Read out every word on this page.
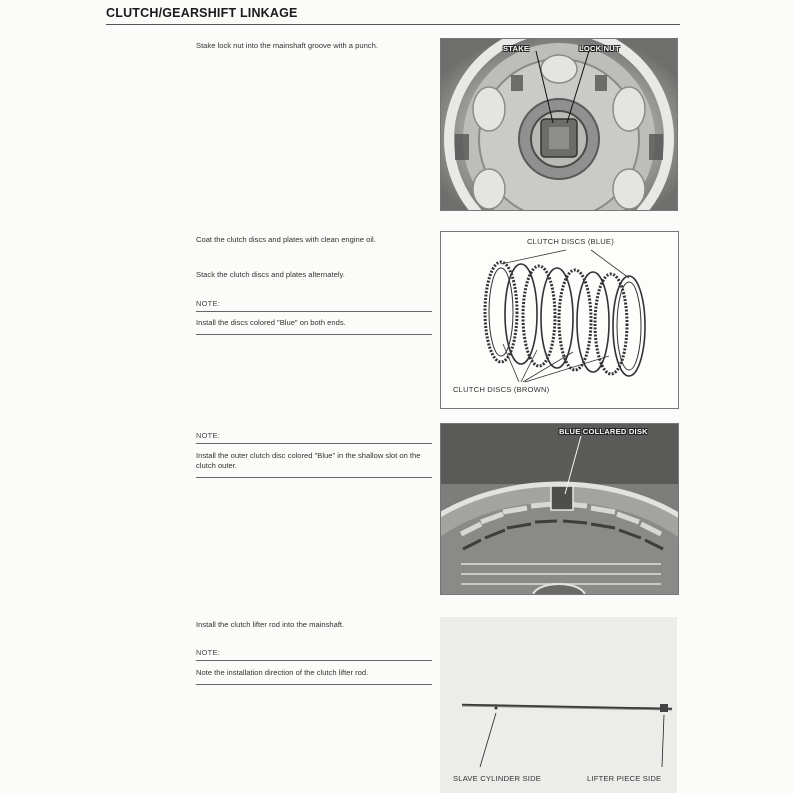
CLUTCH/GEARSHIFT LINKAGE
Stake lock nut into the mainshaft groove with a punch.	STAKE	LOCK NUT
Coat the clutch discs and plates with clean engine oil.
Stack the clutch discs and plates alternately.
NOTE:
Install the discs colored "Blue" on both ends.
CLUTCH DISCS (BLUE)
CLUTCH DISCS (BROWN)
NOTE:
Install the outer clutch disc colored "Blue" in the shallow slot on the clutch outer.
BLUE COLLARED DISK
Install the clutch lifter rod into the mainshaft.
NOTE:
Note the installation direction of the clutch lifter rod.
SLAVE CYLINDER SIDE	LIFTER PIECE SIDE
